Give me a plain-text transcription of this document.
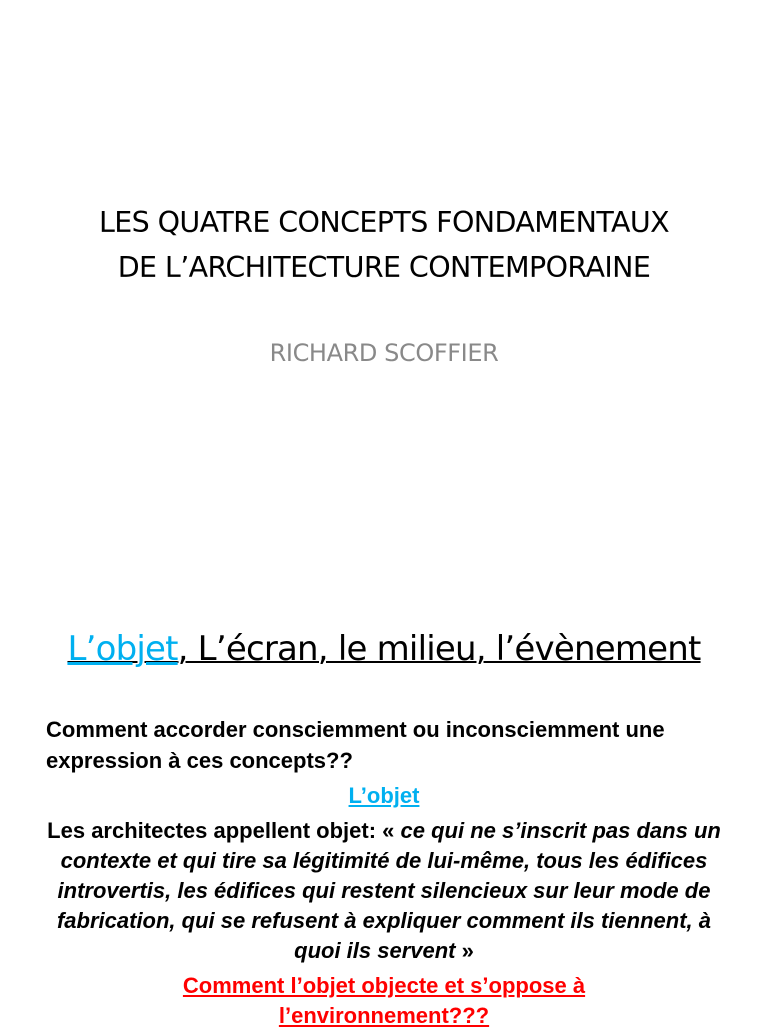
LES QUATRE CONCEPTS FONDAMENTAUX
DE L’ARCHITECTURE CONTEMPORAINE
RICHARD SCOFFIER
L’objet, L’écran, le milieu, l’évènement
Comment accorder consciemment ou inconsciemment une expression à ces concepts??
L’objet
Les architectes appellent objet: « ce qui ne s’inscrit pas dans un contexte et qui tire sa légitimité de lui-même, tous les édifices introvertis, les édifices qui restent silencieux sur leur mode de fabrication, qui se refusent à expliquer comment ils tiennent, à quoi ils servent »
Comment l’objet objecte et s’oppose à l’environnement???
